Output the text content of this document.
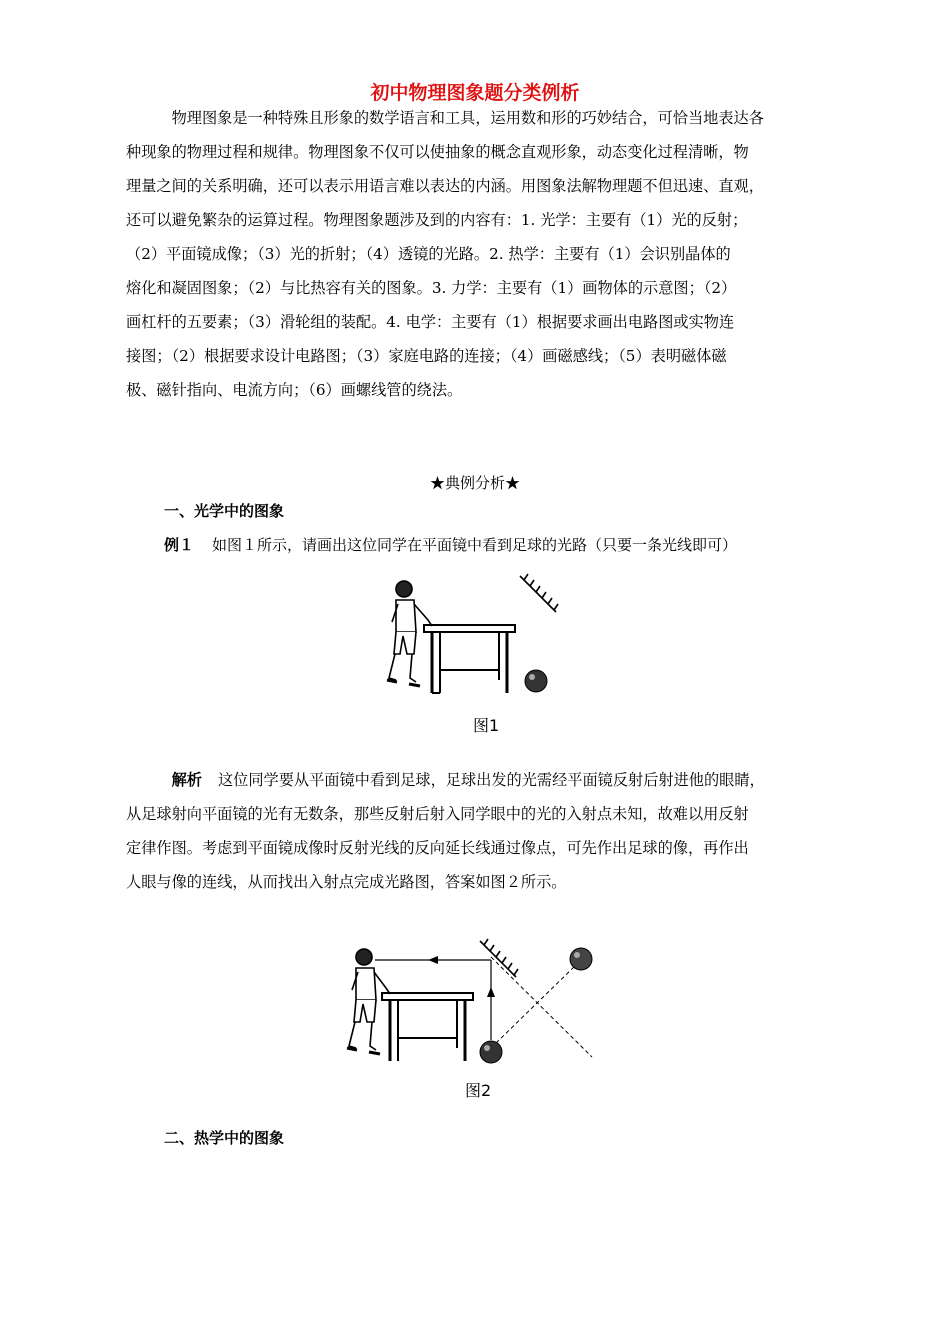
初中物理图象题分类例析
　　　物理图象是一种特殊且形象的数学语言和工具，运用数和形的巧妙结合，可恰当地表达各
种现象的物理过程和规律。物理图象不仅可以使抽象的概念直观形象，动态变化过程清晰，物
理量之间的关系明确，还可以表示用语言难以表达的内涵。用图象法解物理题不但迅速、直观，
还可以避免繁杂的运算过程。物理图象题涉及到的内容有：1. 光学：主要有（1）光的反射；
（2）平面镜成像；（3）光的折射；（4）透镜的光路。2. 热学：主要有（1）会识别晶体的
熔化和凝固图象；（2）与比热容有关的图象。3. 力学：主要有（1）画物体的示意图；（2）
画杠杆的五要素；（3）滑轮组的装配。4. 电学：主要有（1）根据要求画出电路图或实物连
接图；（2）根据要求设计电路图；（3）家庭电路的连接；（4）画磁感线；（5）表明磁体磁
极、磁针指向、电流方向；（6）画螺线管的绕法。
★典例分析★
一、光学中的图象
例１ 如图１所示，请画出这位同学在平面镜中看到足球的光路（只要一条光线即可）
图1
　　　解析 这位同学要从平面镜中看到足球，足球出发的光需经平面镜反射后射进他的眼睛，
从足球射向平面镜的光有无数条，那些反射后射入同学眼中的光的入射点未知，故难以用反射
定律作图。考虑到平面镜成像时反射光线的反向延长线通过像点，可先作出足球的像，再作出
人眼与像的连线，从而找出入射点完成光路图，答案如图２所示。
图2
二、热学中的图象
